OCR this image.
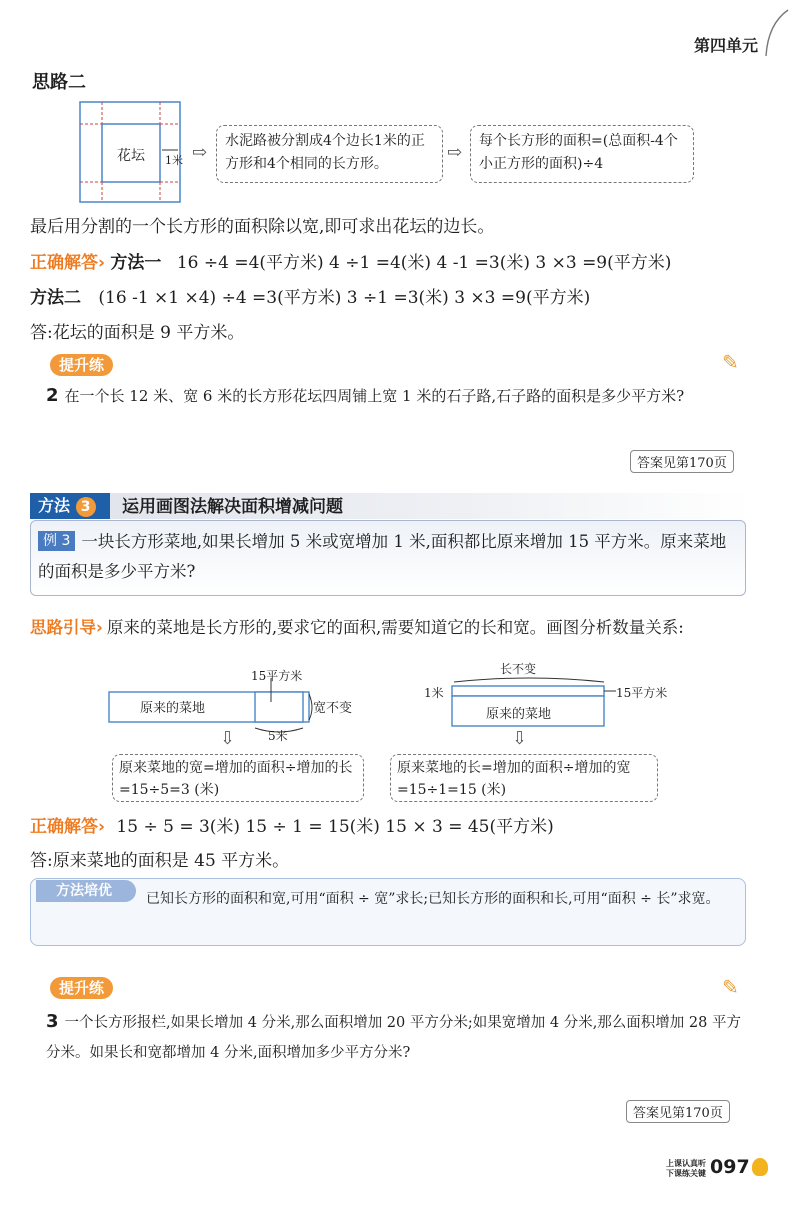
第四单元
思路二
花坛 1米 ⇨
水泥路被分割成4个边长1米的正方形和4个相同的长方形。
⇨
每个长方形的面积=(总面积-4个小正方形的面积)÷4
最后用分割的一个长方形的面积除以宽,即可求出花坛的边长。
正确解答› 方法一 16 ÷4 =4(平方米) 4 ÷1 =4(米) 4 -1 =3(米) 3 ×3 =9(平方米)
方法二 (16 -1 ×1 ×4) ÷4 =3(平方米) 3 ÷1 =3(米) 3 ×3 =9(平方米)
答:花坛的面积是 9 平方米。
提升练	✎
2 在一个长 12 米、宽 6 米的长方形花坛四周铺上宽 1 米的石子路,石子路的面积是多少平方米?
答案见第170页
方法 3	运用画图法解决面积增减问题
例 3 一块长方形菜地,如果长增加 5 米或宽增加 1 米,面积都比原来增加 15 平方米。原来菜地的面积是多少平方米?
思路引导› 原来的菜地是长方形的,要求它的面积,需要知道它的长和宽。画图分析数量关系:
15平方米
原来的菜地	宽不变
5米
⇩
原来菜地的宽=增加的面积÷增加的长=15÷5=3 (米)
长不变
1米	15平方米
原来的菜地
⇩
原来菜地的长=增加的面积÷增加的宽=15÷1=15 (米)
正确解答› 15 ÷ 5 = 3(米) 15 ÷ 1 = 15(米) 15 × 3 = 45(平方米)
答:原来菜地的面积是 45 平方米。
方法培优	已知长方形的面积和宽,可用“面积 ÷ 宽”求长;已知长方形的面积和长,可用“面积 ÷ 长”求宽。
提升练	✎
3 一个长方形报栏,如果长增加 4 分米,那么面积增加 20 平方分米;如果宽增加 4 分米,那么面积增加 28 平方分米。如果长和宽都增加 4 分米,面积增加多少平方分米?
答案见第170页
上课认真听
下课练关键 097
